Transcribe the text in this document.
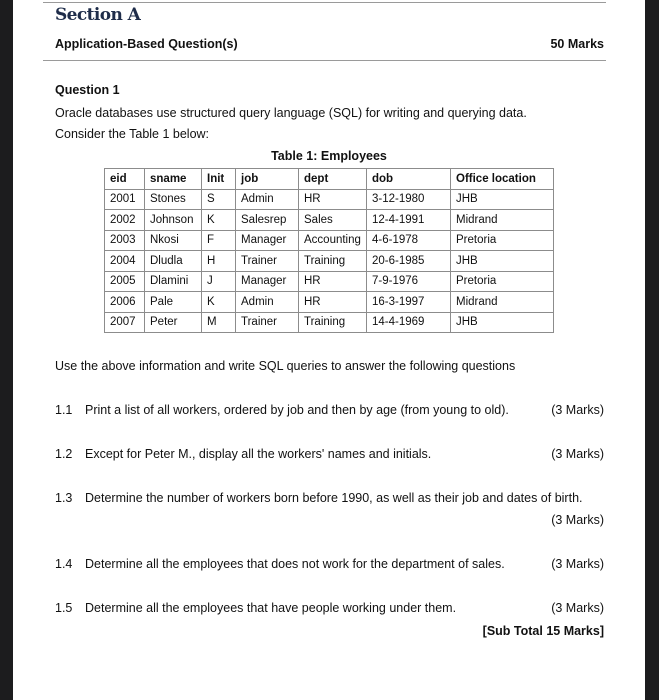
Section A
Application-Based Question(s)	50 Marks
Question 1
Oracle databases use structured query language (SQL) for writing and querying data.
Consider the Table 1 below:
Table 1: Employees
eid	sname	Init	job	dept	dob	Office location
2001	Stones	S	Admin	HR	3-12-1980	JHB
2002	Johnson	K	Salesrep	Sales	12-4-1991	Midrand
2003	Nkosi	F	Manager	Accounting	4-6-1978	Pretoria
2004	Dludla	H	Trainer	Training	20-6-1985	JHB
2005	Dlamini	J	Manager	HR	7-9-1976	Pretoria
2006	Pale	K	Admin	HR	16-3-1997	Midrand
2007	Peter	M	Trainer	Training	14-4-1969	JHB
Use the above information and write SQL queries to answer the following questions
1.1 Print a list of all workers, ordered by job and then by age (from young to old).	(3 Marks)
1.2 Except for Peter M., display all the workers' names and initials.	(3 Marks)
1.3 Determine the number of workers born before 1990, as well as their job and dates of birth.
(3 Marks)
1.4 Determine all the employees that does not work for the department of sales.	(3 Marks)
1.5 Determine all the employees that have people working under them.	(3 Marks)
[Sub Total 15 Marks]
